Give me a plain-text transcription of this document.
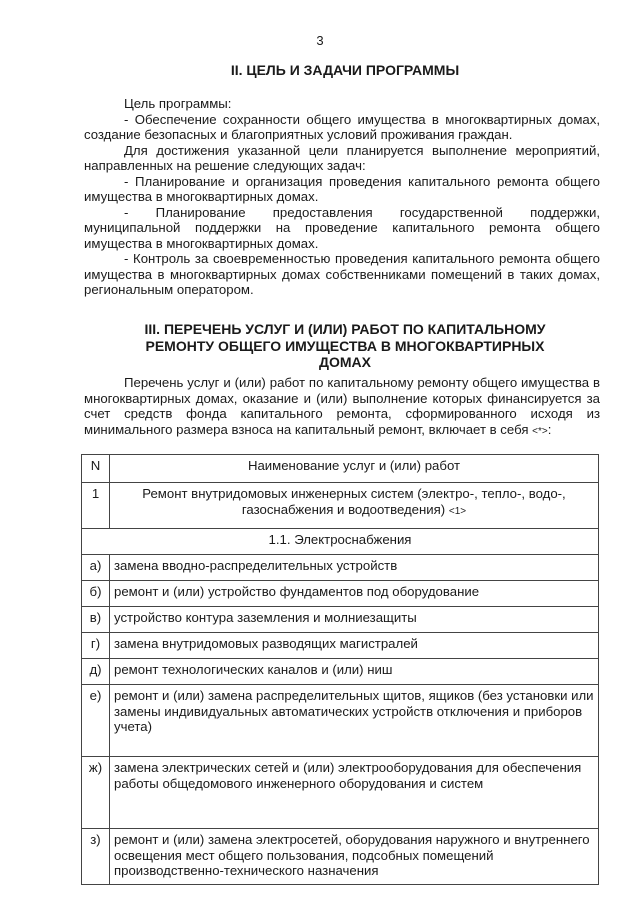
3
II. ЦЕЛЬ И ЗАДАЧИ ПРОГРАММЫ
Цель программы:
- Обеспечение сохранности общего имущества в многоквартирных домах, создание безопасных и благоприятных условий проживания граждан.
Для достижения указанной цели планируется выполнение мероприятий, направленных на решение следующих задач:
- Планирование и организация проведения капитального ремонта общего имущества в многоквартирных домах.
- Планирование предоставления государственной поддержки, муниципальной поддержки на проведение капитального ремонта общего имущества в многоквартирных домах.
- Контроль за своевременностью проведения капитального ремонта общего имущества в многоквартирных домах собственниками помещений в таких домах, региональным оператором.
III. ПЕРЕЧЕНЬ УСЛУГ И (ИЛИ) РАБОТ ПО КАПИТАЛЬНОМУ РЕМОНТУ ОБЩЕГО ИМУЩЕСТВА В МНОГОКВАРТИРНЫХ ДОМАХ
Перечень услуг и (или) работ по капитальному ремонту общего имущества в многоквартирных домах, оказание и (или) выполнение которых финансируется за счет средств фонда капитального ремонта, сформированного исходя из минимального размера взноса на капитальный ремонт, включает в себя <*>:
N	Наименование услуг и (или) работ
1	Ремонт внутридомовых инженерных систем (электро-, тепло-, водо-, газоснабжения и водоотведения) <1>
1.1. Электроснабжения	
а)	замена вводно-распределительных устройств
б)	ремонт и (или) устройство фундаментов под оборудование
в)	устройство контура заземления и молниезащиты
г)	замена внутридомовых разводящих магистралей
д)	ремонт технологических каналов и (или) ниш
е)	ремонт и (или) замена распределительных щитов, ящиков (без установки или замены индивидуальных автоматических устройств отключения и приборов учета)
ж)	замена электрических сетей и (или) электрооборудования для обеспечения работы общедомового инженерного оборудования и систем
з)	ремонт и (или) замена электросетей, оборудования наружного и внутреннего освещения мест общего пользования, подсобных помещений производственно-технического назначения
